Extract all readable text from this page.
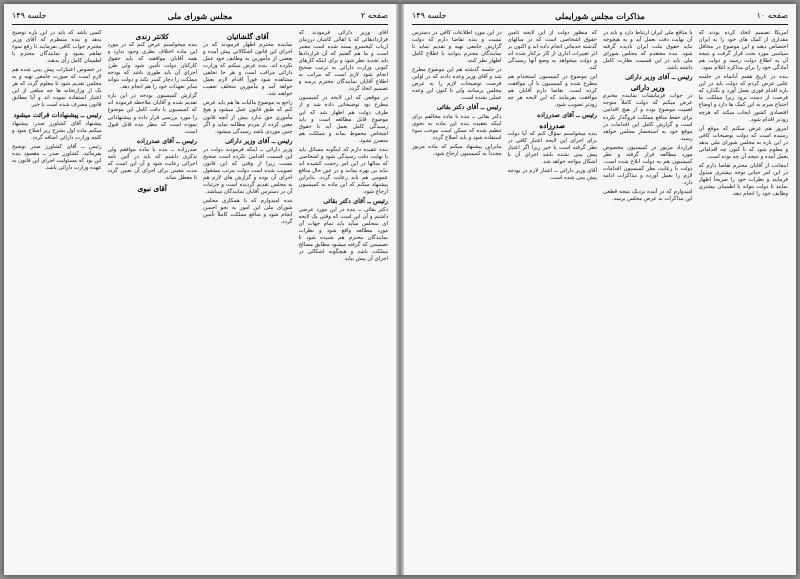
صفحه ۲
مجلس شورای ملی
جلسه ۱۴۹

آقای وزیر دارائی فرمودند که قراردادهائی که با اهالی کاشان درزمان ارباب کیخسرو بسته شده است معتبر است و ما هم گفتیم که آن قراردادها باید تجدید نظر شود و برای اینکه کارهای کنونی وزارت دارائی به ترتیب صحیح انجام شود لازم است که مراتب به اطلاع آقایان نمایندگان محترم برسد و تصمیم اتخاذ گردد.

در موقعی که این لایحه در کمیسیون مطرح بود توضیحاتی داده شد و از طرف دولت هم اظهار شد که این موضوع قابل مطالعه است و باید رسیدگی کامل بعمل آید تا حقوق اشخاص محفوظ بماند و مملکت هم متضرر نشود.

بنده عقیده دارم که اینگونه مسائل باید با نهایت دقت رسیدگی شود و اشخاصی که سالها در این امر زحمت کشیده اند نباید بی بهره بمانند و در عین حال منافع عمومی هم باید رعایت گردد. بنابراین پیشنهاد میکنم که این ماده به کمیسیون ارجاع شود.

رئیس ــ آقای دکتر بقائی

دکتر بقائی ــ بنده در این مورد عرضی داشتم و آن این است که وقتی یک لایحه ای بمجلس میآید باید تمام جهات آن مورد مطالعه واقع شود و نظرات نمایندگان محترم هم شنیده شود تا تصمیمی که گرفته میشود مطابق مصالح مملکت باشد و هیچگونه اشکالی در اجرای آن پیش نیاید.

آقای گلشائیان

نماینده محترم اظهار فرمودند که در اجرای این قانون اشکالاتی پیش آمده و بعضی از مأمورین به وظایف خود عمل نکرده اند. بنده عرض میکنم که وزارت دارائی مراقب است و هر جا تخلفی مشاهده شود فوراً اقدام لازم بعمل خواهد آمد و مأمورین متخلف تعقیب خواهند شد.

راجع به موضوع مالیات ها هم باید عرض کنم که طبق قانون عمل میشود و هیچ مأموری حق ندارد بیش از آنچه قانون معین کرده از مردم مطالبه نماید و اگر چنین موردی باشد رسیدگی میشود.

رئیس ــ آقای وزیر دارائی

وزیر دارائی ــ اینکه فرمودند دولت در این قسمت اقدامی نکرده است صحیح نیست زیرا از وقتی که این قانون تصویب شده است دولت مرتب مشغول اجرای آن بوده و گزارش های لازم هم به مجلس تقدیم گردیده است و جزئیات آن در دسترس آقایان نمایندگان میباشد.

بنده امیدوارم که با همکاری مجلس شورای ملی این امور به نحو احسن انجام شود و منافع مملکت کاملاً تأمین گردد.

کلانتر زندی

بنده میخواستم عرض کنم که در مورد این ماده اختلاف نظری وجود ندارد و همه آقایان موافقند که باید حقوق کارکنان دولت تأمین شود ولی طرز اجرای آن باید طوری باشد که بودجه مملکت را دچار کسر نکند و دولت بتواند سایر تعهدات خود را هم انجام دهد.

گزارش کمیسیون بودجه در این باره تقدیم شده و آقایان ملاحظه فرموده اند که کمیسیون با دقت کامل این موضوع را مورد بررسی قرار داده و پیشنهاداتی نموده است که بنظر بنده قابل قبول است.

رئیس ــ آقای صدرزاده

صدرزاده ــ بنده با ماده موافقم ولی تذکری داشتم که باید در آئین نامه اجرائی رعایت شود و آن این است که مدت معینی برای اجرای آن تعیین گردد تا معطل نماند.

آقای نبوی

کسی باشد که باید در این باره توضیح بدهد و بنده منتظرم که آقای وزیر محترم جواب کافی بفرمایند تا رفع سوء تفاهم بشود و نمایندگان محترم با اطمینان کامل رأی بدهند.

در خصوص اعتبارات پیش بینی شده هم لازم است که صورت جامعی تهیه و به مجلس تقدیم شود تا معلوم گردد که هر یک از وزارتخانه ها چه مبلغی از این اعتبار استفاده نموده اند و آیا مطابق قانون مصرف شده است یا خیر.

رئیس ــ پیشنهادات قرائت میشود

پیشنهاد آقای کشاورز صدر: پیشنهاد میکنم ماده اول بشرح زیر اصلاح شود و کلمه وزارت دارائی اضافه گردد.

رئیس ــ آقای کشاورز صدر توضیح بفرمائید. کشاورز صدر ــ مقصود بنده این بود که مسئولیت اجرای این قانون به عهده وزارت دارائی باشد.

صفحه ۱۰
مذاکرات مجلس شورایملی
جلسه ۱۴۹

آمریکا تصمیم اتخاذ کرده بودند که مقداری از کمک های خود را به ایران اختصاص دهند و این موضوع در محافل سیاسی مورد بحث قرار گرفت و نتیجه آن به اطلاع دولت رسید و دولت هم آمادگی خود را برای مذاکره اعلام نمود.

بنده در تاریخ هفتم آبانماه در جلسه علنی عرض کردم که دولت باید در این باره اقدام فوری بعمل آورد و نگذارد که فرصت از دست برود زیرا مملکت ما احتیاج مبرم به این کمک ها دارد و اوضاع اقتصادی کشور ایجاب میکند که هرچه زودتر اقدام شود.

امروز هم عرض میکنم که موقع آن رسیده است که دولت توضیحات کافی در این باره به مجلس شورای ملی بدهد و معلوم شود که تا کنون چه اقداماتی بعمل آمده و نتیجه آن چه بوده است.

اینجانب از آقایان محترم تقاضا دارم که در این امر حیاتی توجه بیشتری مبذول فرمایند و نظرات خود را صریحاً اظهار نمایند تا دولت بتواند با اطمینان بیشتری وظایف خود را انجام دهد.

با منافع ملی ایران ارتباط دارد و باید در آن نهایت دقت بعمل آید و به هیچوجه نباید حقوق ملت ایران نادیده گرفته شود. بنده معتقدم که مجلس شورای ملی باید در این قسمت نظارت کامل داشته باشد.

رئیس ــ آقای وزیر دارائی

وزیر دارائی

در جواب فرمایشات نماینده محترم عرض میکنم که دولت کاملاً متوجه اهمیت موضوع بوده و از هیچ اقدامی برای حفظ منافع مملکت فروگذار نکرده است و گزارش کامل این اقدامات در موقع خود به استحضار مجلس خواهد رسید.

قرارداد مزبور در کمیسیون مخصوص مورد مطالعه قرار گرفته و نظر کمیسیون هم به دولت ابلاغ شده است. دولت با رعایت نظر کمیسیون اقدامات لازم را بعمل آورده و مذاکرات ادامه دارد.

امیدوارم که در آینده نزدیک نتیجه قطعی این مذاکرات به عرض مجلس برسد.

که منظور دولت از این لایحه تأمین حقوق اشخاصی است که در سالهای گذشته خدماتی انجام داده اند و اکنون بر اثر تغییرات اداری از کار برکنار شده اند و دولت میخواهد به وضع آنها رسیدگی کند.

این موضوع در کمیسیون استخدام هم مطرح شده و کمیسیون با آن موافقت کرده است. تقاضا دارم آقایان هم موافقت بفرمایند که این لایحه هر چه زودتر تصویب شود.

رئیس ــ آقای صدرزاده

صدرزاده

بنده میخواستم سؤال کنم که آیا دولت برای اجرای این لایحه اعتبار کافی در نظر گرفته است یا خیر زیرا اگر اعتبار پیش بینی نشده باشد اجرای آن با اشکال مواجه خواهد شد.

آقای وزیر دارائی ــ اعتبار لازم در بودجه پیش بینی شده است.

در این مورد اطلاعات کافی در دسترس نیست و بنده تقاضا دارم که دولت گزارش جامعی تهیه و تقدیم نماید تا نمایندگان محترم بتوانند با اطلاع کامل اظهار نظر کنند.

در جلسه گذشته هم این موضوع مطرح شد و آقای وزیر وعده دادند که در اولین فرصت توضیحات لازم را به عرض مجلس برسانند ولی تا کنون این وعده عملی نشده است.

رئیس ــ آقای دکتر بقائی

دکتر بقائی ــ بنده با ماده مخالفم برای اینکه بعقیده بنده این ماده به نحوی تنظیم شده که ممکن است موجب سوء استفاده شود و باید اصلاح گردد.

بنابراین پیشنهاد میکنم که ماده مزبور مجدداً به کمیسیون ارجاع شود.
